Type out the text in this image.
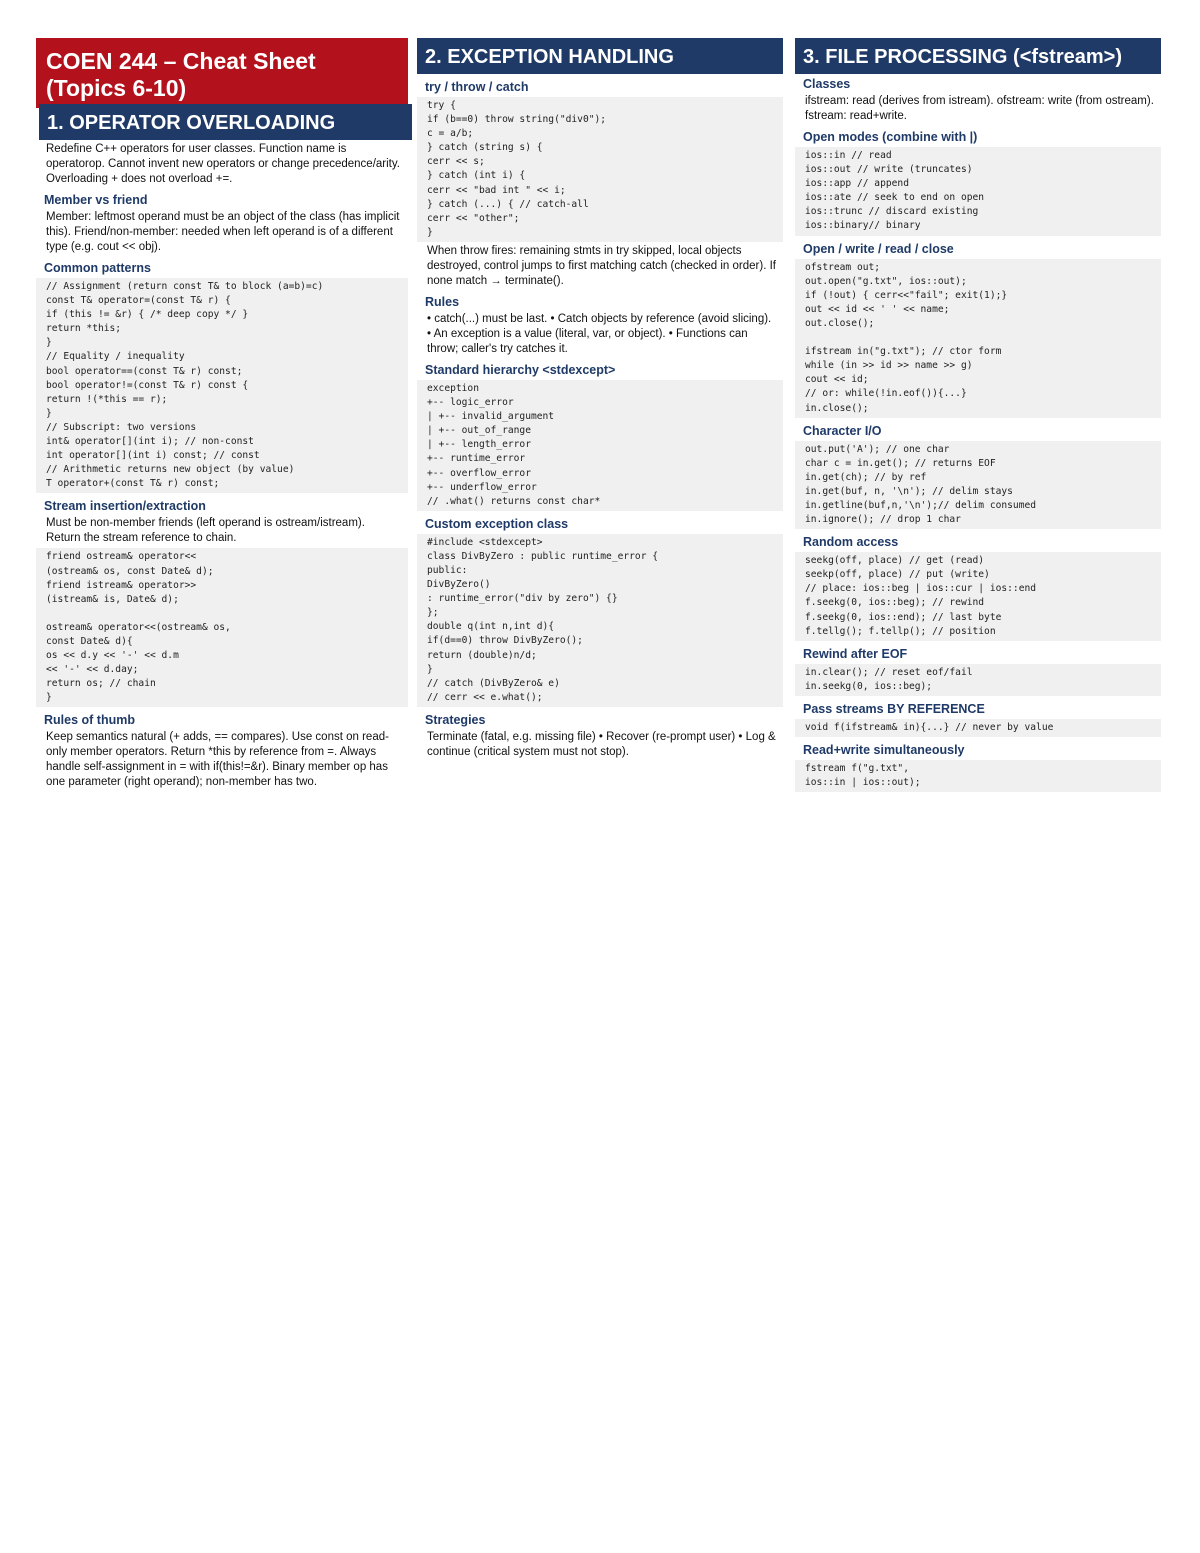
COEN 244 – Cheat Sheet
(Topics 6-10)
1. OPERATOR OVERLOADING
Redefine C++ operators for user classes. Function name is operatorop. Cannot invent new operators or change precedence/arity. Overloading + does not overload +=.
Member vs friend
Member: leftmost operand must be an object of the class (has implicit this). Friend/non-member: needed when left operand is of a different type (e.g. cout << obj).
Common patterns
// Assignment (return const T& to block (a=b)=c)
const T& operator=(const T& r) {
if (this != &r) { /* deep copy */ }
return *this;
}
// Equality / inequality
bool operator==(const T& r) const;
bool operator!=(const T& r) const {
return !(*this == r);
}
// Subscript: two versions
int& operator[](int i); // non-const
int operator[](int i) const; // const
// Arithmetic returns new object (by value)
T operator+(const T& r) const;
Stream insertion/extraction
Must be non-member friends (left operand is ostream/istream). Return the stream reference to chain.
friend ostream& operator<<
(ostream& os, const Date& d);
friend istream& operator>>
(istream& is, Date& d);

ostream& operator<<(ostream& os,
const Date& d){
os << d.y << '-' << d.m
<< '-' << d.day;
return os; // chain
}
Rules of thumb
Keep semantics natural (+ adds, == compares). Use const on read-only member operators. Return *this by reference from =. Always handle self-assignment in = with if(this!=&r). Binary member op has one parameter (right operand); non-member has two.
2. EXCEPTION HANDLING
try / throw / catch
try {
if (b==0) throw string("div0");
c = a/b;
} catch (string s) {
cerr << s;
} catch (int i) {
cerr << "bad int " << i;
} catch (...) { // catch-all
cerr << "other";
}
When throw fires: remaining stmts in try skipped, local objects destroyed, control jumps to first matching catch (checked in order). If none match → terminate().
Rules
• catch(...) must be last. • Catch objects by reference (avoid slicing). • An exception is a value (literal, var, or object). • Functions can throw; caller's try catches it.
Standard hierarchy <stdexcept>
exception
+-- logic_error
| +-- invalid_argument
| +-- out_of_range
| +-- length_error
+-- runtime_error
+-- overflow_error
+-- underflow_error
// .what() returns const char*
Custom exception class
#include <stdexcept>
class DivByZero : public runtime_error {
public:
DivByZero()
: runtime_error("div by zero") {}
};
double q(int n,int d){
if(d==0) throw DivByZero();
return (double)n/d;
}
// catch (DivByZero& e)
// cerr << e.what();
Strategies
Terminate (fatal, e.g. missing file) • Recover (re-prompt user) • Log & continue (critical system must not stop).
3. FILE PROCESSING (<fstream>)
Classes
ifstream: read (derives from istream). ofstream: write (from ostream). fstream: read+write.
Open modes (combine with |)
ios::in // read
ios::out // write (truncates)
ios::app // append
ios::ate // seek to end on open
ios::trunc // discard existing
ios::binary// binary
Open / write / read / close
ofstream out;
out.open("g.txt", ios::out);
if (!out) { cerr<<"fail"; exit(1);}
out << id << ' ' << name;
out.close();

ifstream in("g.txt"); // ctor form
while (in >> id >> name >> g)
cout << id;
// or: while(!in.eof()){...}
in.close();
Character I/O
out.put('A'); // one char
char c = in.get(); // returns EOF
in.get(ch); // by ref
in.get(buf, n, '\n'); // delim stays
in.getline(buf,n,'\n');// delim consumed
in.ignore(); // drop 1 char
Random access
seekg(off, place) // get (read)
seekp(off, place) // put (write)
// place: ios::beg | ios::cur | ios::end
f.seekg(0, ios::beg); // rewind
f.seekg(0, ios::end); // last byte
f.tellg(); f.tellp(); // position
Rewind after EOF
in.clear(); // reset eof/fail
in.seekg(0, ios::beg);
Pass streams BY REFERENCE
void f(ifstream& in){...} // never by value
Read+write simultaneously
fstream f("g.txt",
ios::in | ios::out);
